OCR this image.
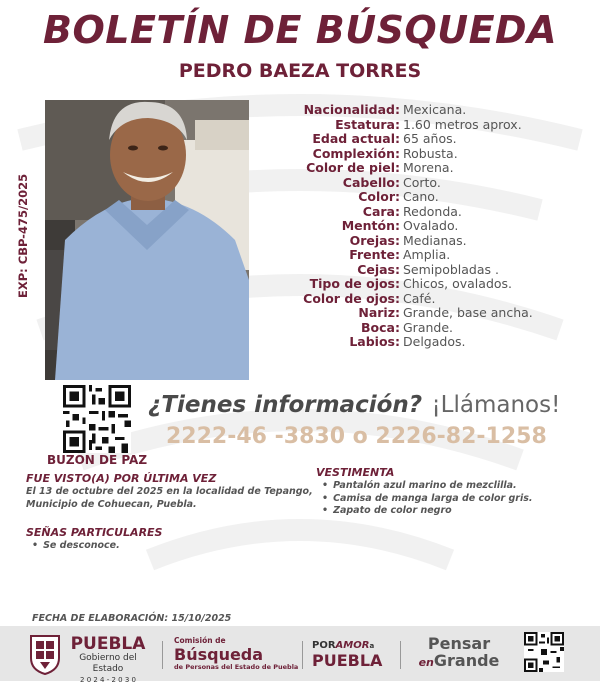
BOLETÍN DE BÚSQUEDA
PEDRO BAEZA TORRES
EXP: CBP-475/2025
Nacionalidad: Mexicana.
Estatura: 1.60 metros aprox.
Edad actual: 65 años.
Complexión: Robusta.
Color de piel: Morena.
Cabello: Corto.
Color: Cano.
Cara: Redonda.
Mentón: Ovalado.
Orejas: Medianas.
Frente: Amplia.
Cejas: Semipobladas .
Tipo de ojos: Chicos, ovalados.
Color de ojos: Café.
Nariz: Grande, base ancha.
Boca: Grande.
Labios: Delgados.
BUZON DE PAZ
¿Tienes información? ¡Llámanos!
2222-46 -3830 o 2226-82-1258
FUE VISTO(A) POR ÚLTIMA VEZ
El 13 de octubre del 2025 en la localidad de Tepango,
Municipio de Cohuecan, Puebla.
VESTIMENTA
• Pantalón azul marino de mezclilla.
• Camisa de manga larga de color gris.
• Zapato de color negro
SEÑAS PARTICULARES
• Se desconoce.
FECHA DE ELABORACIÓN: 15/10/2025
PUEBLA
Gobierno del Estado
2 0 2 4 - 2 0 3 0
Comisión de
Búsqueda
de Personas del Estado de Puebla
PORAMORa
PUEBLA
Pensar
enGrande
